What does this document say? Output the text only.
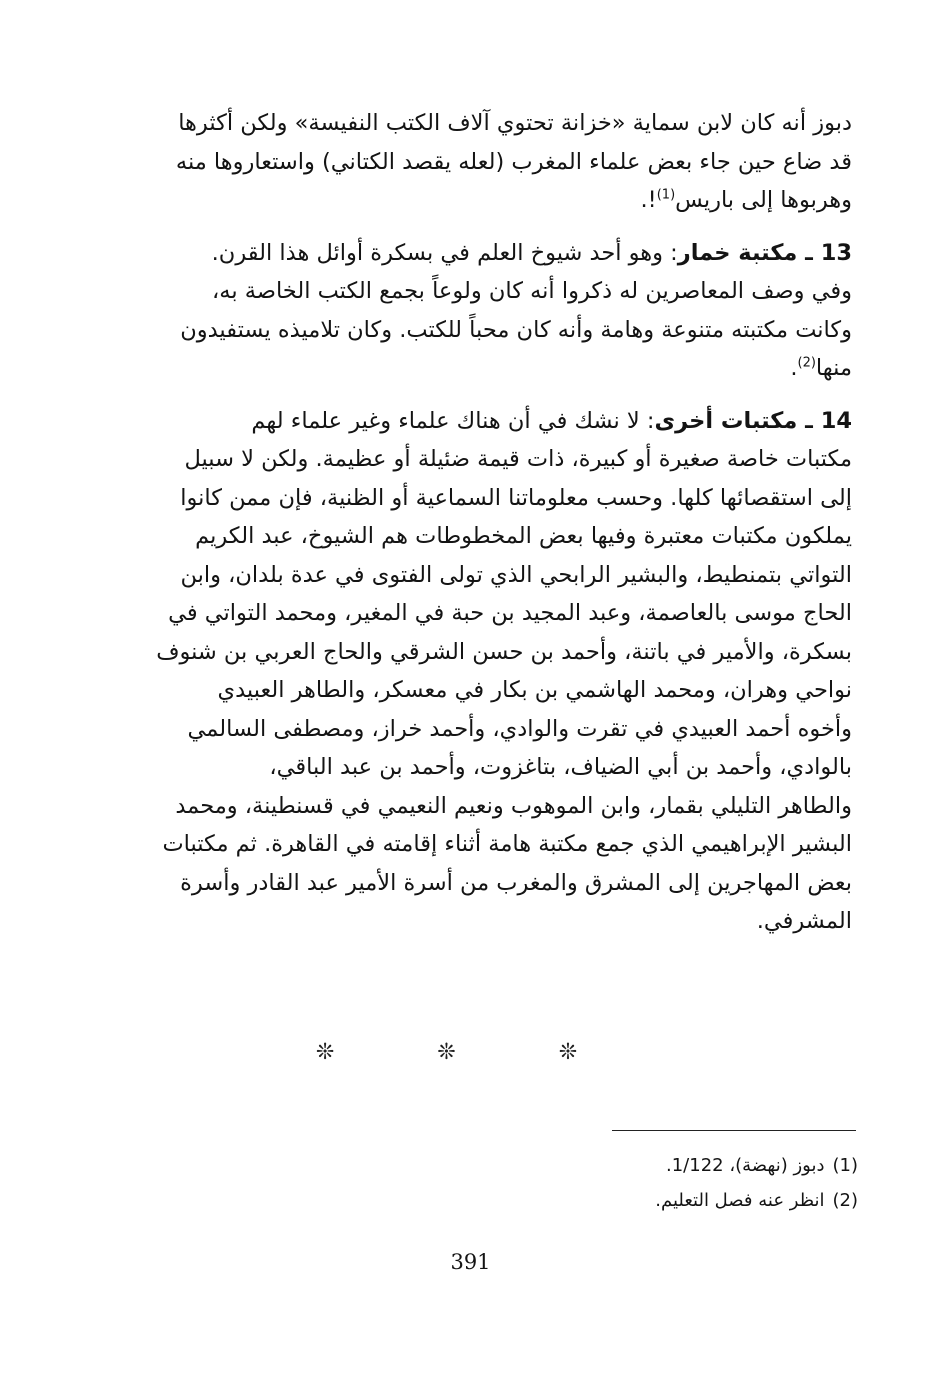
دبوز أنه كان لابن سماية «خزانة تحتوي آلاف الكتب النفيسة» ولكن أكثرها
قد ضاع حين جاء بعض علماء المغرب (لعله يقصد الكتاني) واستعاروها منه
وهربوها إلى باريس$^{(1)}$!.

13 ـ مكتبة خمار: وهو أحد شيوخ العلم في بسكرة أوائل هذا القرن.
وفي وصف المعاصرين له ذكروا أنه كان ولوعاً بجمع الكتب الخاصة به،
وكانت مكتبته متنوعة وهامة وأنه كان محباً للكتب. وكان تلاميذه يستفيدون
منها$^{(2)}$.

14 ـ مكتبات أخرى: لا نشك في أن هناك علماء وغير علماء لهم
مكتبات خاصة صغيرة أو كبيرة، ذات قيمة ضئيلة أو عظيمة. ولكن لا سبيل
إلى استقصائها كلها. وحسب معلوماتنا السماعية أو الظنية، فإن ممن كانوا
يملكون مكتبات معتبرة وفيها بعض المخطوطات هم الشيوخ، عبد الكريم
التواتي بتمنطيط، والبشير الرابحي الذي تولى الفتوى في عدة بلدان، وابن
الحاج موسى بالعاصمة، وعبد المجيد بن حبة في المغير، ومحمد التواتي في
بسكرة، والأمير في باتنة، وأحمد بن حسن الشرقي والحاج العربي بن شنوف
نواحي وهران، ومحمد الهاشمي بن بكار في معسكر، والطاهر العبيدي
وأخوه أحمد العبيدي في تقرت والوادي، وأحمد خراز، ومصطفى السالمي
بالوادي، وأحمد بن أبي الضياف، بتاغزوت، وأحمد بن عبد الباقي،
والطاهر التليلي بقمار، وابن الموهوب ونعيم النعيمي في قسنطينة، ومحمد
البشير الإبراهيمي الذي جمع مكتبة هامة أثناء إقامته في القاهرة. ثم مكتبات
بعض المهاجرين إلى المشرق والمغرب من أسرة الأمير عبد القادر وأسرة
المشرفي.

❊ ❊ ❊
(1)دبوز (نهضة)، 1/122.
(2)انظر عنه فصل التعليم.
391
